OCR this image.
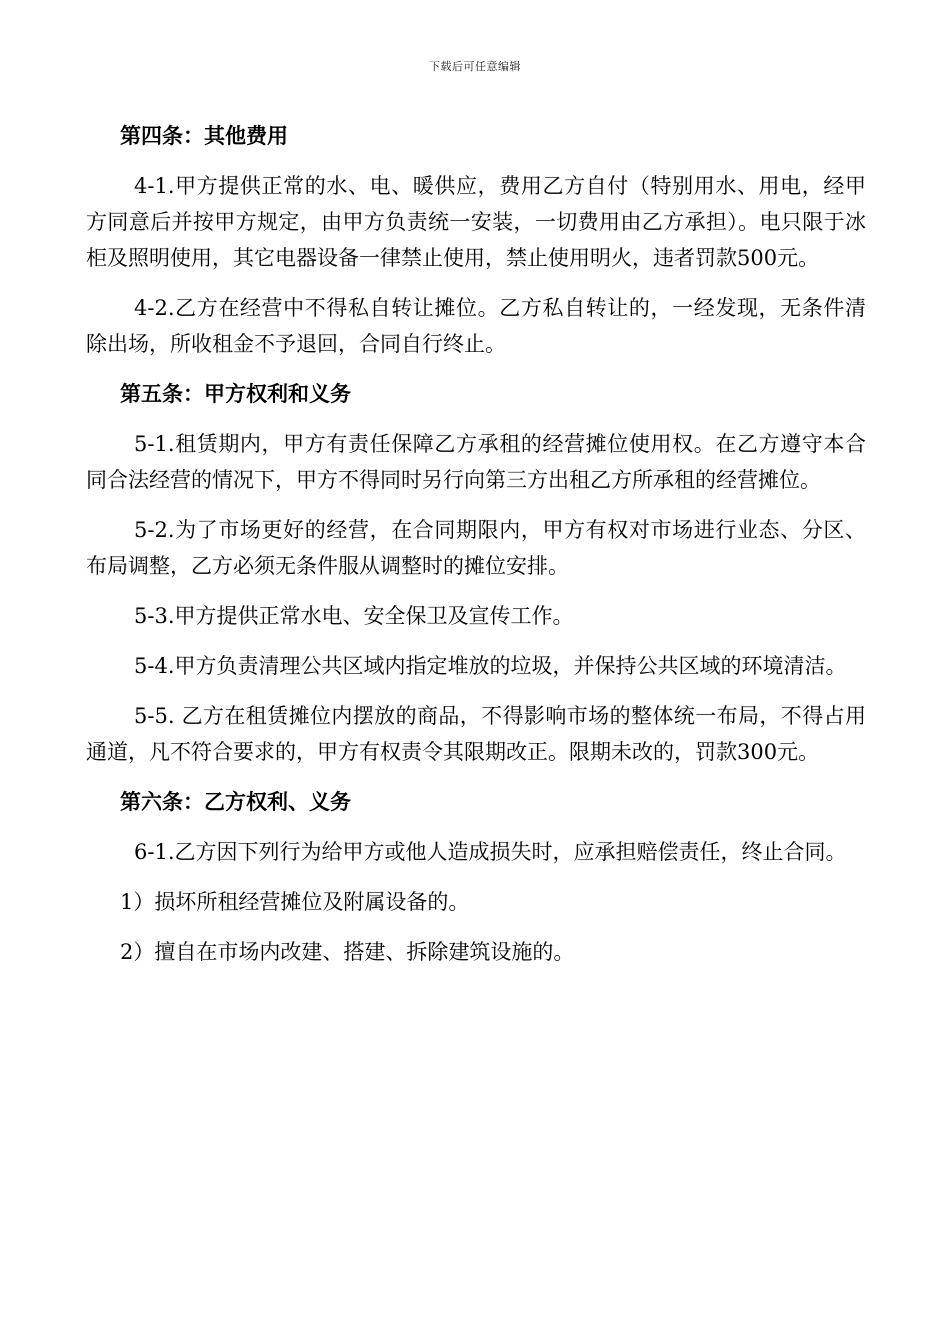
下载后可任意编辑
第四条：其他费用

4-1.甲方提供正常的水、电、暖供应，费用乙方自付（特别用水、用电，经甲方同意后并按甲方规定，由甲方负责统一安装，一切费用由乙方承担）。电只限于冰柜及照明使用，其它电器设备一律禁止使用，禁止使用明火，违者罚款500元。

4-2.乙方在经营中不得私自转让摊位。乙方私自转让的，一经发现，无条件清除出场，所收租金不予退回，合同自行终止。

第五条：甲方权利和义务

5-1.租赁期内，甲方有责任保障乙方承租的经营摊位使用权。在乙方遵守本合同合法经营的情况下，甲方不得同时另行向第三方出租乙方所承租的经营摊位。

5-2.为了市场更好的经营，在合同期限内，甲方有权对市场进行业态、分区、布局调整，乙方必须无条件服从调整时的摊位安排。

5-3.甲方提供正常水电、安全保卫及宣传工作。

5-4.甲方负责清理公共区域内指定堆放的垃圾，并保持公共区域的环境清洁。

5-5. 乙方在租赁摊位内摆放的商品，不得影响市场的整体统一布局，不得占用通道，凡不符合要求的，甲方有权责令其限期改正。限期未改的，罚款300元。

第六条：乙方权利、义务

6-1.乙方因下列行为给甲方或他人造成损失时，应承担赔偿责任，终止合同。

1）损坏所租经营摊位及附属设备的。
2）擅自在市场内改建、搭建、拆除建筑设施的。
